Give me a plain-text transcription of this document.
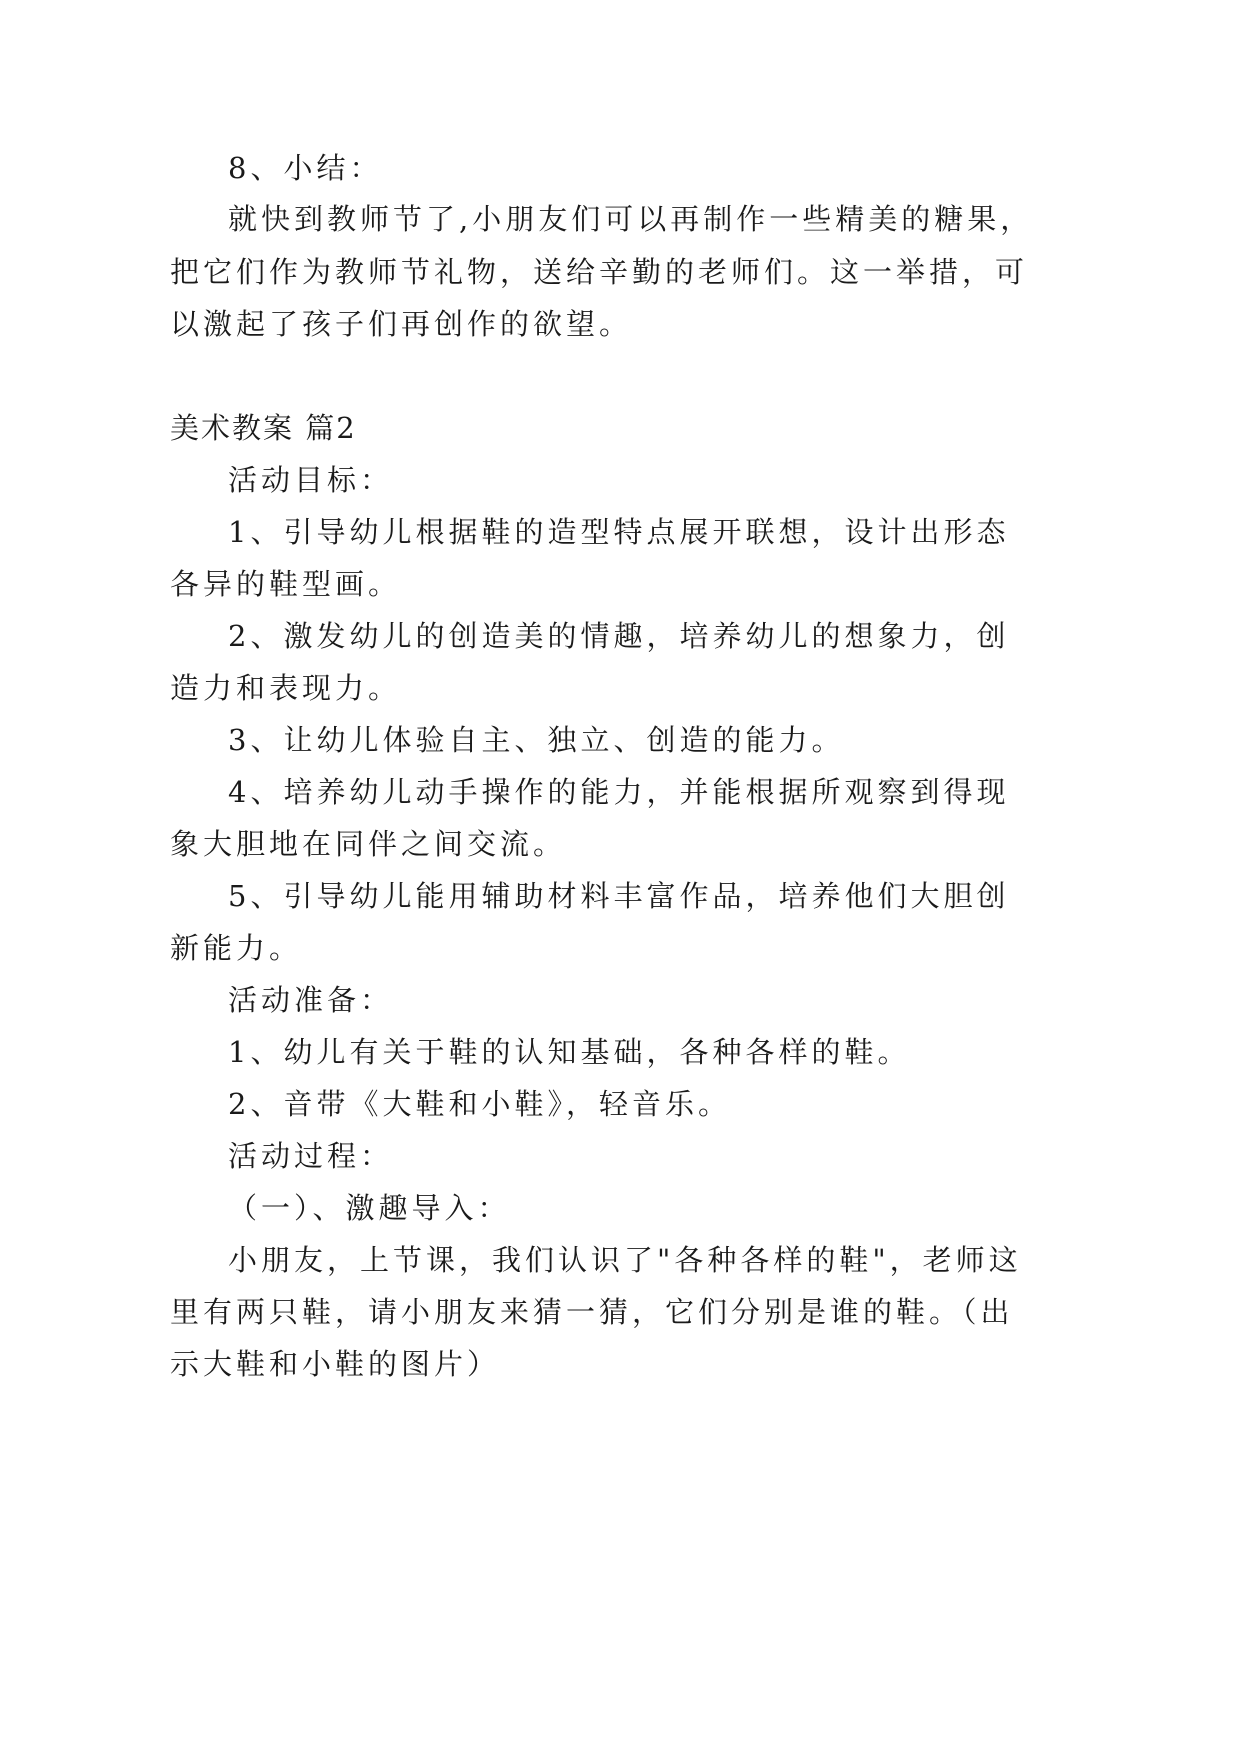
8、小结：
就快到教师节了,小朋友们可以再制作一些精美的糖果，
把它们作为教师节礼物，送给辛勤的老师们。这一举措，可
以激起了孩子们再创作的欲望。
美术教案 篇2
活动目标：
1、引导幼儿根据鞋的造型特点展开联想，设计出形态
各异的鞋型画。
2、激发幼儿的创造美的情趣，培养幼儿的想象力，创
造力和表现力。
3、让幼儿体验自主、独立、创造的能力。
4、培养幼儿动手操作的能力，并能根据所观察到得现
象大胆地在同伴之间交流。
5、引导幼儿能用辅助材料丰富作品，培养他们大胆创
新能力。
活动准备：
1、幼儿有关于鞋的认知基础，各种各样的鞋。
2、音带《大鞋和小鞋》，轻音乐。
活动过程：
（一）、激趣导入：
小朋友，上节课，我们认识了"各种各样的鞋"，老师这
里有两只鞋，请小朋友来猜一猜，它们分别是谁的鞋。（出
示大鞋和小鞋的图片）
